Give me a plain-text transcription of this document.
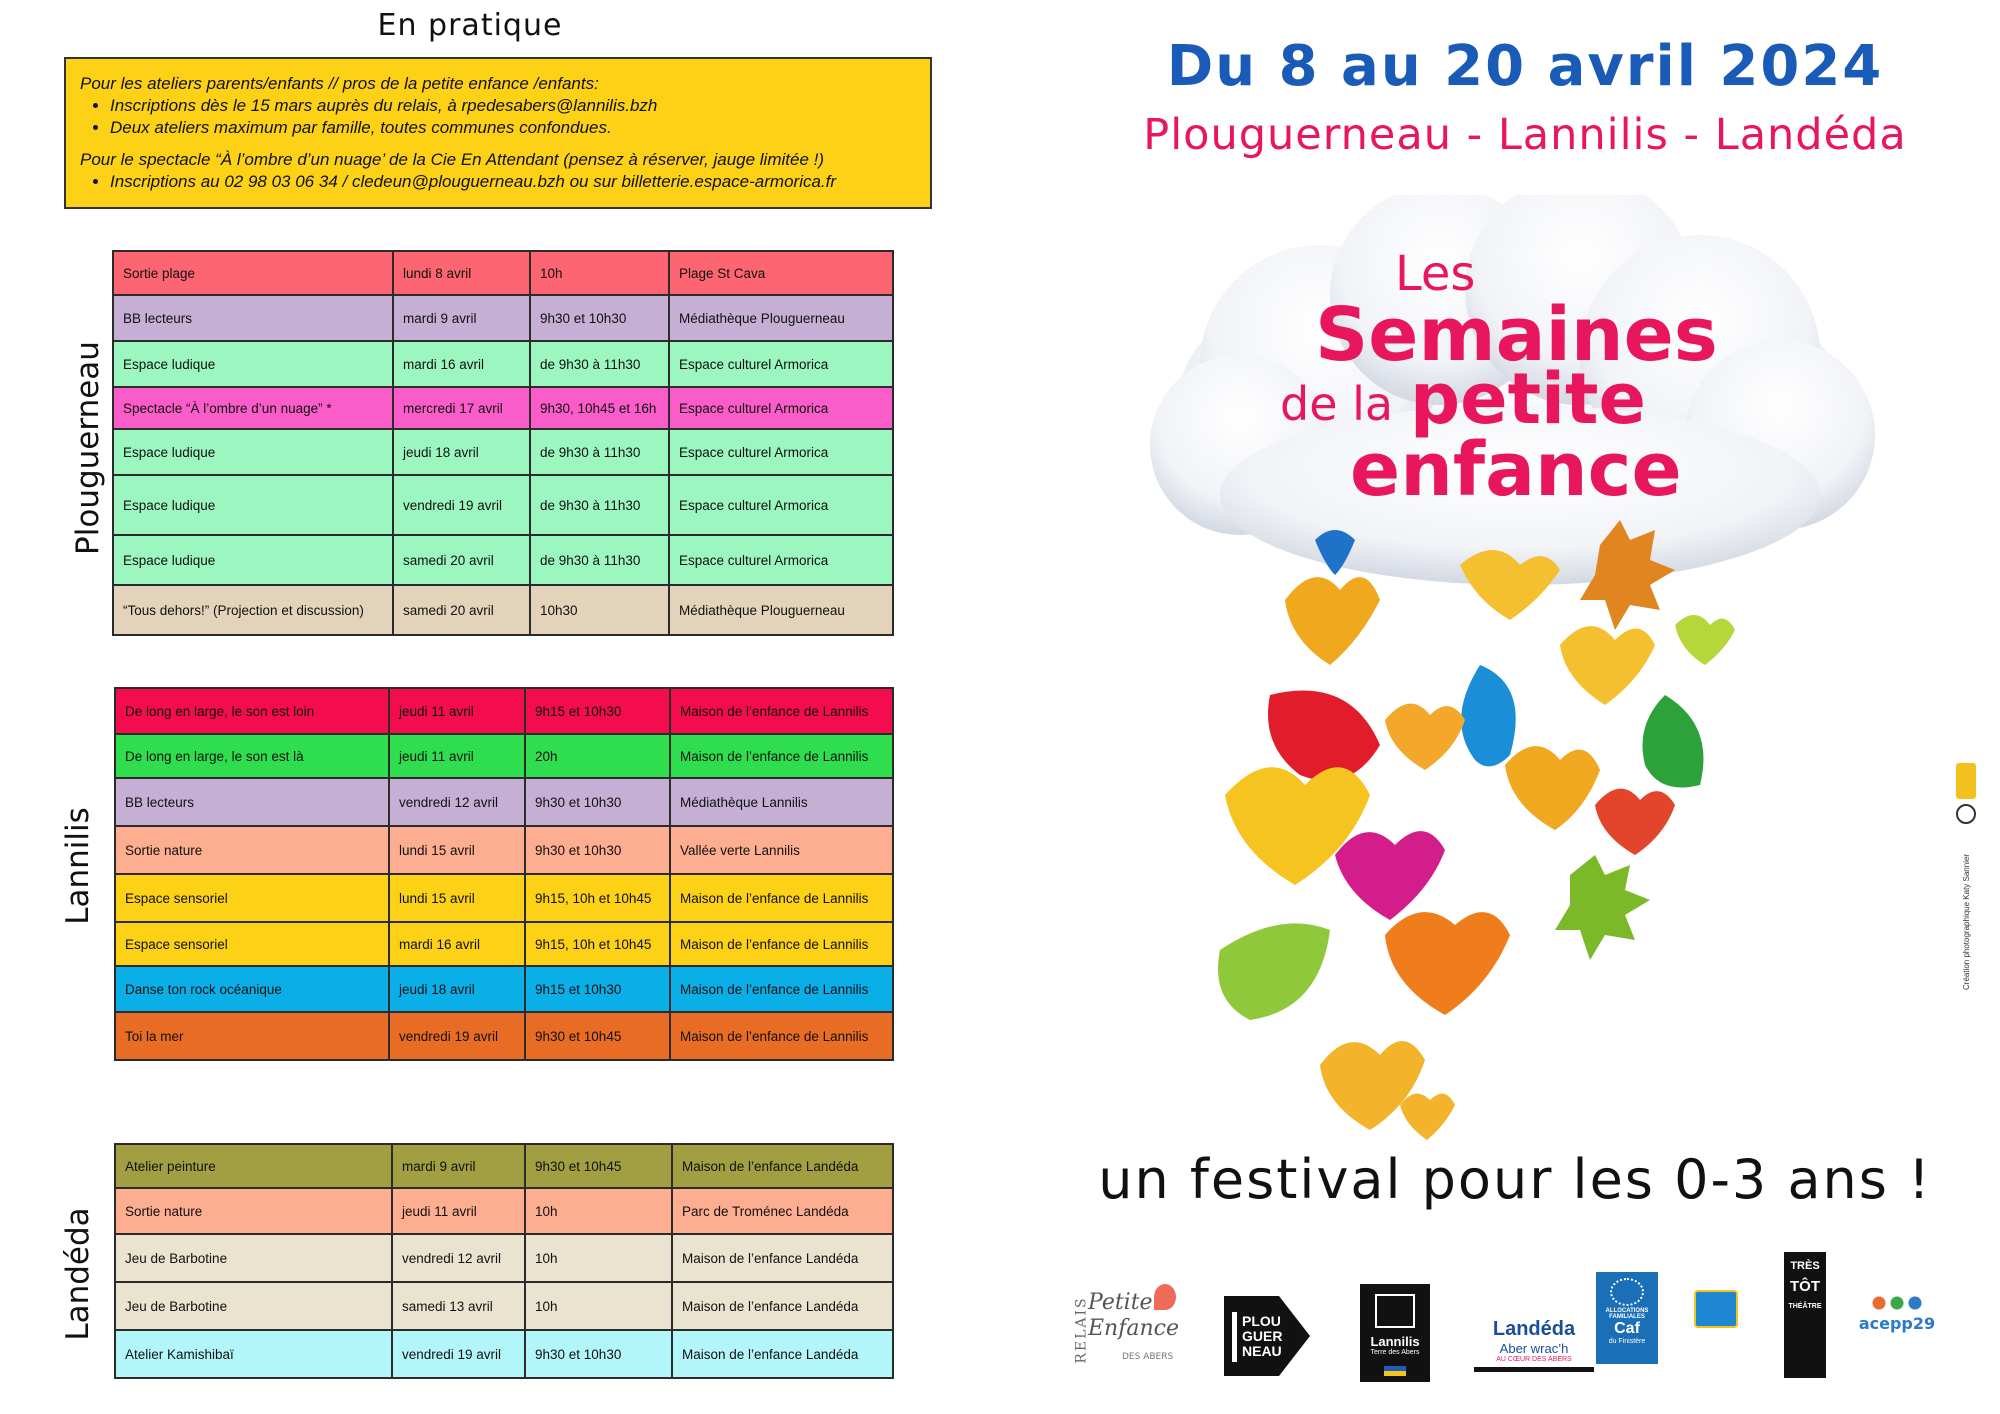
En pratique

Pour les ateliers parents/enfants // pros de la petite enfance /enfants:

• Inscriptions dès le 15 mars auprès du relais, à rpedesabers@lannilis.bzh
• Deux ateliers maximum par famille, toutes communes confondues.

Pour le spectacle “À l’ombre d’un nuage’ de la Cie En Attendant (pensez à réserver, jauge limitée !)

• Inscriptions au 02 98 03 06 34 / cledeun@plouguerneau.bzh ou sur billetterie.espace-armorica.fr
Plouguerneau
Lannilis
Landéda
Sortie plage	lundi 8 avril	10h	Plage St Cava
BB lecteurs	mardi 9 avril	9h30 et 10h30	Médiathèque Plouguerneau
Espace ludique	mardi 16 avril	de 9h30 à 11h30	Espace culturel Armorica
Spectacle “À l’ombre d’un nuage” *	mercredi 17 avril	9h30, 10h45 et 16h	Espace culturel Armorica
Espace ludique	jeudi 18 avril	de 9h30 à 11h30	Espace culturel Armorica
Espace ludique	vendredi 19 avril	de 9h30 à 11h30	Espace culturel Armorica
Espace ludique	samedi 20 avril	de 9h30 à 11h30	Espace culturel Armorica
“Tous dehors!” (Projection et discussion)	samedi 20 avril	10h30	Médiathèque Plouguerneau
De long en large, le son est loin	jeudi 11 avril	9h15 et 10h30	Maison de l’enfance de Lannilis
De long en large, le son est là	jeudi 11 avril	20h	Maison de l’enfance de Lannilis
BB lecteurs	vendredi 12 avril	9h30 et 10h30	Médiathèque Lannilis
Sortie nature	lundi 15 avril	9h30 et 10h30	Vallée verte Lannilis
Espace sensoriel	lundi 15 avril	9h15, 10h et 10h45	Maison de l’enfance de Lannilis
Espace sensoriel	mardi 16 avril	9h15, 10h et 10h45	Maison de l’enfance de Lannilis
Danse ton rock océanique	jeudi 18 avril	9h15 et 10h30	Maison de l’enfance de Lannilis
Toi la mer	vendredi 19 avril	9h30 et 10h45	Maison de l’enfance de Lannilis
Atelier peinture	mardi 9 avril	9h30 et 10h45	Maison de l’enfance Landéda
Sortie nature	jeudi 11 avril	10h	Parc de Troménec Landéda
Jeu de Barbotine	vendredi 12 avril	10h	Maison de l’enfance Landéda
Jeu de Barbotine	samedi 13 avril	10h	Maison de l’enfance Landéda
Atelier Kamishibaï	vendredi 19 avril	9h30 et 10h30	Maison de l’enfance Landéda
Du 8 au 20 avril 2024
Plouguerneau - Lannilis - Landéda
Les
Semaines
de la petite
enfance
un festival pour les 0-3 ans !
Création photographique Katy Sannier
RELAIS
Petite
Enfance
DES ABERS
PLOU
GUER
NEAU
Lannilis
Terre des Abers
Landéda
Aber wrac’h
AU CŒUR DES ABERS
ALLOCATIONS
FAMILIALES
Caf
du Finistère
TRÈS
TÔT
THÉÂTRE
acepp29
